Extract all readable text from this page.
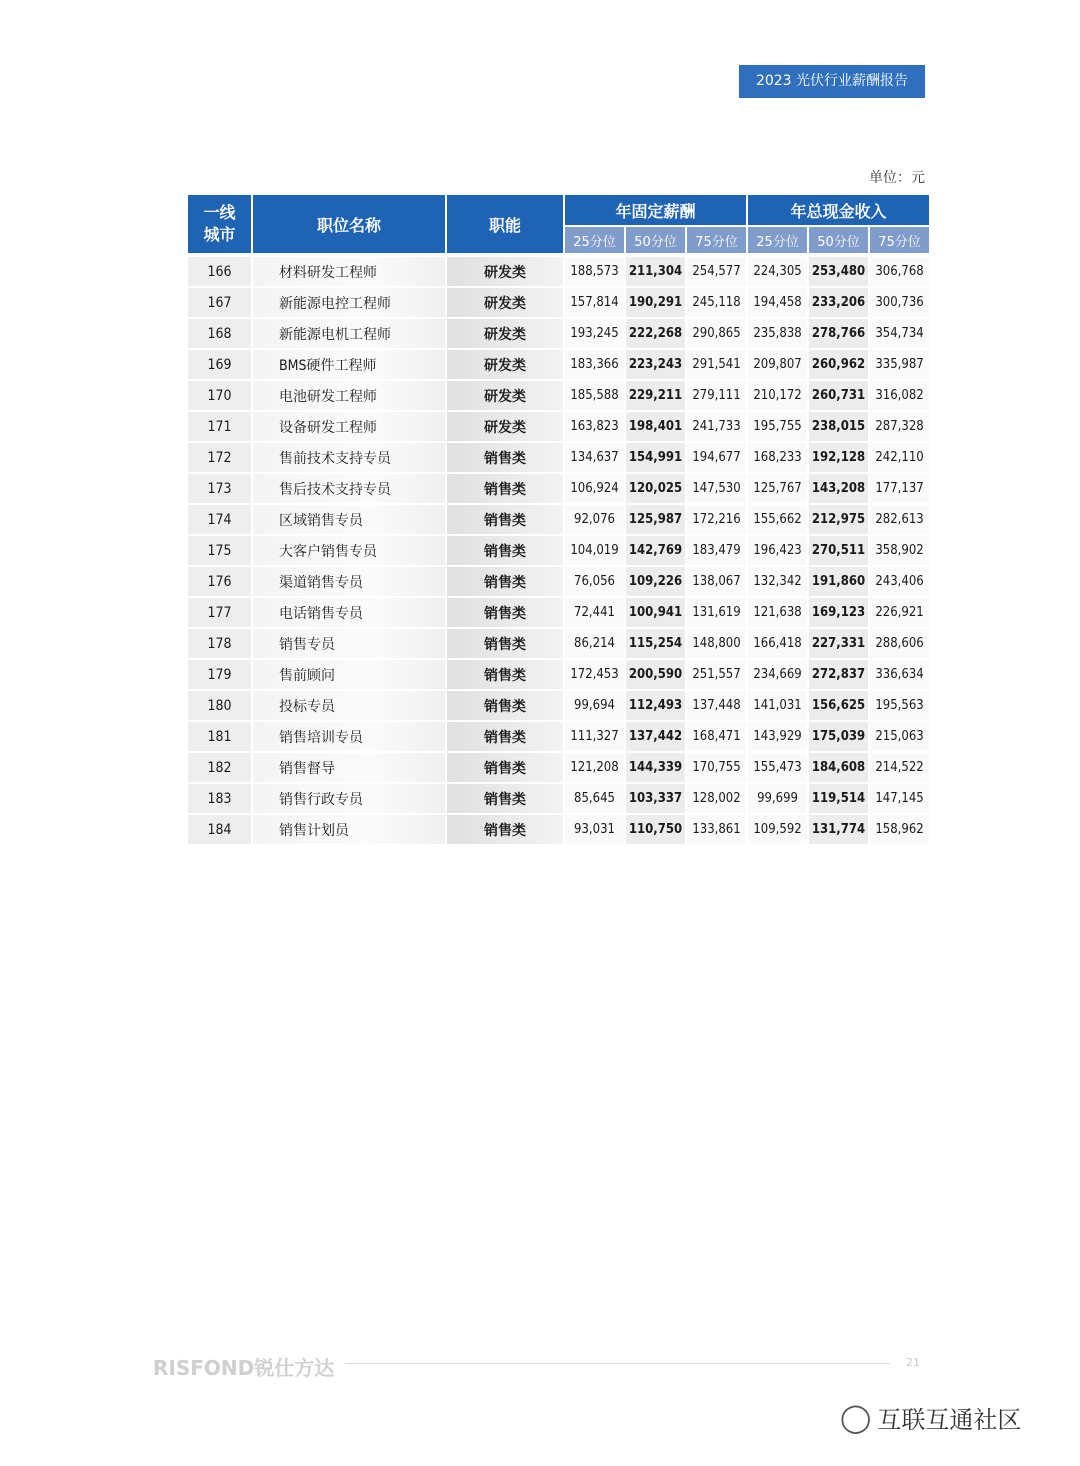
2023 光伏行业薪酬报告
单位：元
一线
城市	职位名称	职能	年固定薪酬			年总现金收入		
			25分位	50分位	75分位	25分位	50分位	75分位
166	材料研发工程师	研发类	188,573	211,304	254,577	224,305	253,480	306,768
167	新能源电控工程师	研发类	157,814	190,291	245,118	194,458	233,206	300,736
168	新能源电机工程师	研发类	193,245	222,268	290,865	235,838	278,766	354,734
169	BMS硬件工程师	研发类	183,366	223,243	291,541	209,807	260,962	335,987
170	电池研发工程师	研发类	185,588	229,211	279,111	210,172	260,731	316,082
171	设备研发工程师	研发类	163,823	198,401	241,733	195,755	238,015	287,328
172	售前技术支持专员	销售类	134,637	154,991	194,677	168,233	192,128	242,110
173	售后技术支持专员	销售类	106,924	120,025	147,530	125,767	143,208	177,137
174	区域销售专员	销售类	92,076	125,987	172,216	155,662	212,975	282,613
175	大客户销售专员	销售类	104,019	142,769	183,479	196,423	270,511	358,902
176	渠道销售专员	销售类	76,056	109,226	138,067	132,342	191,860	243,406
177	电话销售专员	销售类	72,441	100,941	131,619	121,638	169,123	226,921
178	销售专员	销售类	86,214	115,254	148,800	166,418	227,331	288,606
179	售前顾问	销售类	172,453	200,590	251,557	234,669	272,837	336,634
180	投标专员	销售类	99,694	112,493	137,448	141,031	156,625	195,563
181	销售培训专员	销售类	111,327	137,442	168,471	143,929	175,039	215,063
182	销售督导	销售类	121,208	144,339	170,755	155,473	184,608	214,522
183	销售行政专员	销售类	85,645	103,337	128,002	99,699	119,514	147,145
184	销售计划员	销售类	93,031	110,750	133,861	109,592	131,774	158,962
RISFOND锐仕方达	21
◯ 互联互通社区
